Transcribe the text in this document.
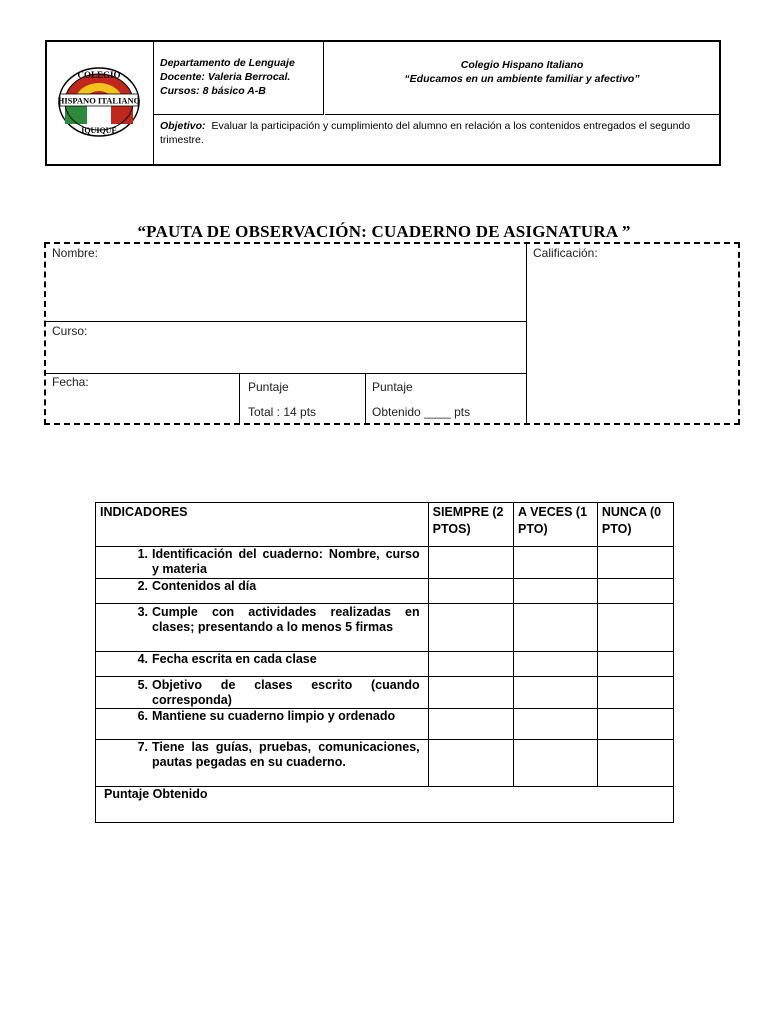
COLEGIO
HISPANO ITALIANO
IQUIQUE
Departamento de Lenguaje
Docente: Valeria Berrocal.
Cursos: 8 básico A-B
Colegio Hispano Italiano
“Educamos en un ambiente familiar y afectivo”
Objetivo: Evaluar la participación y cumplimiento del alumno en relación a los contenidos entregados el segundo trimestre.
“PAUTA DE OBSERVACIÓN: CUADERNO DE ASIGNATURA ”
Nombre:
Curso:
Fecha:	Puntaje
Total : 14 pts
Puntaje
Obtenido ____ pts
Calificación:
INDICADORES	SIEMPRE (2 PTOS)	A VECES (1 PTO)	NUNCA (0 PTO)

1. Identificación del cuaderno: Nombre, curso y materia			

2. Contenidos al día			

3. Cumple con actividades realizadas en clases; presentando a lo menos 5 firmas			

4. Fecha escrita en cada clase			

5. Objetivo de clases escrito (cuando corresponda)			

6. Mantiene su cuaderno limpio y ordenado			

7. Tiene las guías, pruebas, comunicaciones, pautas pegadas en su cuaderno.			

Puntaje Obtenido			
